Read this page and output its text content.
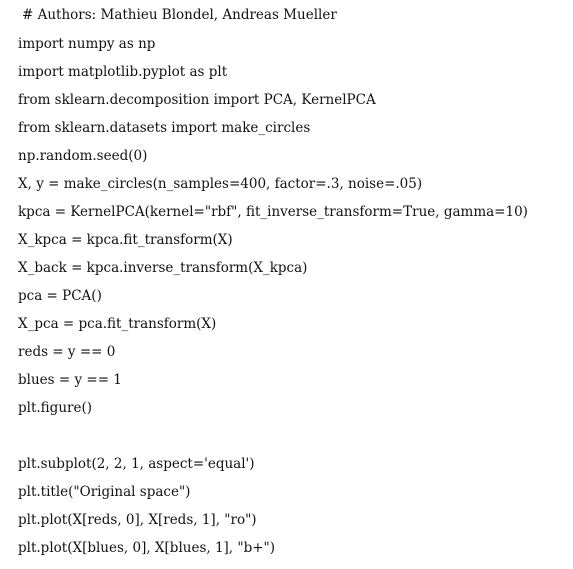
# Authors: Mathieu Blondel, Andreas Mueller
import numpy as np
import matplotlib.pyplot as plt
from sklearn.decomposition import PCA, KernelPCA
from sklearn.datasets import make_circles
np.random.seed(0)
X, y = make_circles(n_samples=400, factor=.3, noise=.05)
kpca = KernelPCA(kernel="rbf", fit_inverse_transform=True, gamma=10)
X_kpca = kpca.fit_transform(X)
X_back = kpca.inverse_transform(X_kpca)
pca = PCA()
X_pca = pca.fit_transform(X)
reds = y == 0
blues = y == 1
plt.figure()
plt.subplot(2, 2, 1, aspect='equal')
plt.title("Original space")
plt.plot(X[reds, 0], X[reds, 1], "ro")
plt.plot(X[blues, 0], X[blues, 1], "b+")
